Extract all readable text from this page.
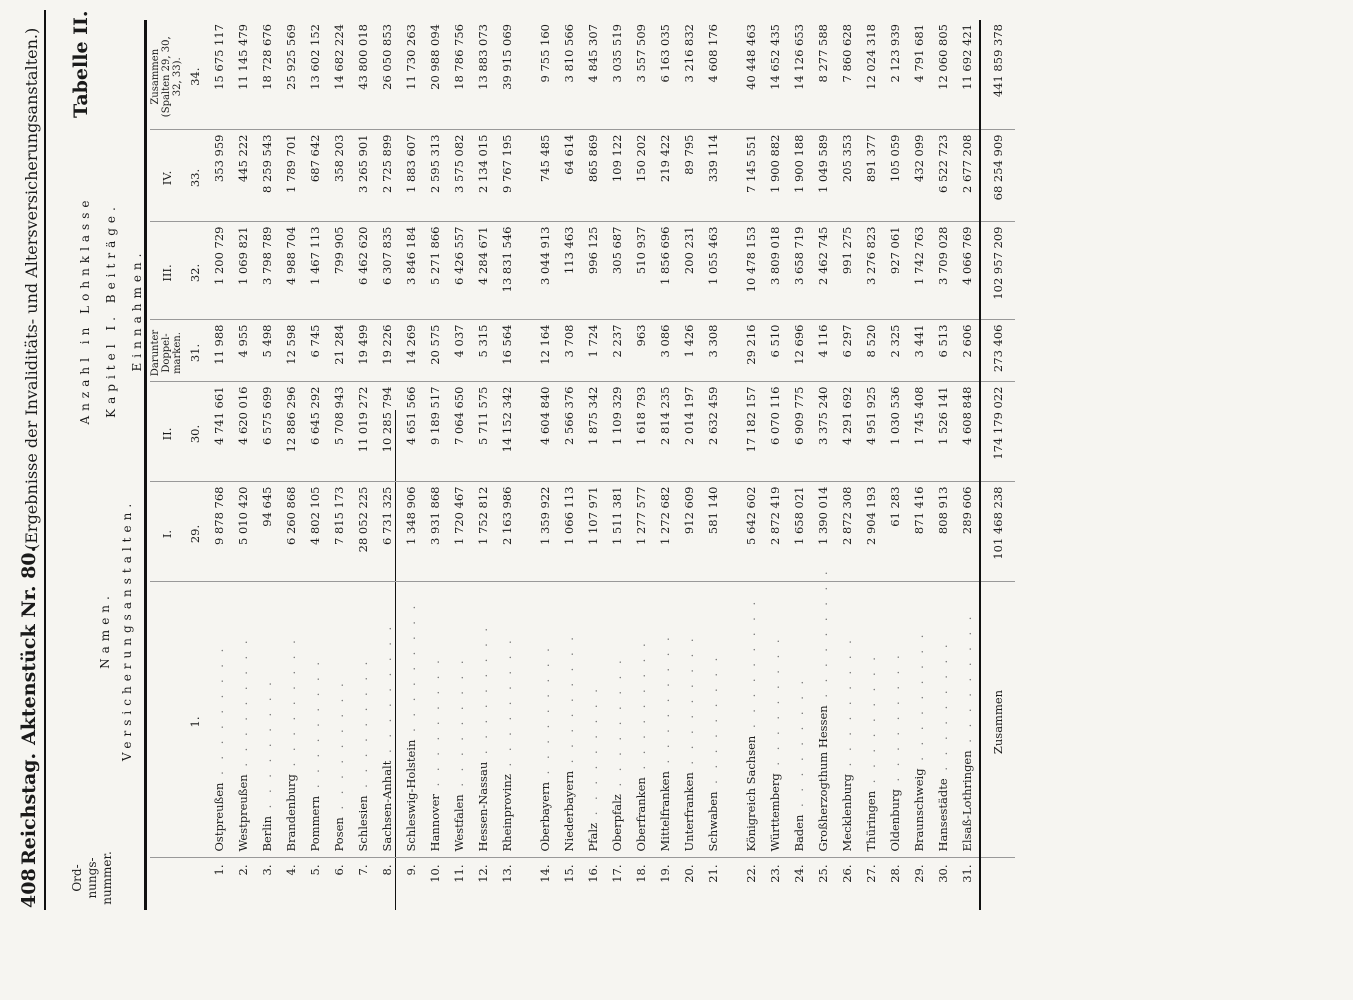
408
Reichstag.
Aktenstück Nr. 80.
(Ergebnisse der Invaliditäts- und Altersversicherungsanstalten.) Tabelle II.
Ord-
nungs-
nummer.
Versicherungsanstalten.
Namen.
Einnahmen.
Kapitel I. Beiträge.
Anzahl in Lohnklasse
		I.	II.	Darunter
Doppel-
marken.	III.	IV.	Zusammen
(Spalten 29, 30,
32, 33).
	1.	29.	30.	31.	32.	33.	34.
1.	Ostpreußen . . . . . . . . .	9 878 768	4 741 661	11 988	1 200 729	353 959	15 675 117
2.	Westpreußen . . . . . . . . .	5 010 420	4 620 016	4 955	1 069 821	445 222	11 145 479
3.	Berlin . . . . . . . . .	94 645	6 575 699	5 498	3 798 789	8 259 543	18 728 676
4.	Brandenburg . . . . . . . . .	6 260 868	12 886 296	12 598	4 988 704	1 789 701	25 925 569
5.	Pommern . . . . . . . . .	4 802 105	6 645 292	6 745	1 467 113	687 642	13 602 152
6.	Posen . . . . . . . . .	7 815 173	5 708 943	21 284	799 905	358 203	14 682 224
7.	Schlesien . . . . . . . . .	28 052 225	11 019 272	19 499	6 462 620	3 265 901	43 800 018
8.	Sachsen-Anhalt . . . . . . . . .	6 731 325	10 285 794	19 226	6 307 835	2 725 899	26 050 853
9.	Schleswig-Holstein . . . . . . . . .	1 348 906	4 651 566	14 269	3 846 184	1 883 607	11 730 263
10.	Hannover . . . . . . . . .	3 931 868	9 189 517	20 575	5 271 866	2 595 313	20 988 094
11.	Westfalen . . . . . . . . .	1 720 467	7 064 650	4 037	6 426 557	3 575 082	18 786 756
12.	Hessen-Nassau . . . . . . . . .	1 752 812	5 711 575	5 315	4 284 671	2 134 015	13 883 073
13.	Rheinprovinz . . . . . . . . .	2 163 986	14 152 342	16 564	13 831 546	9 767 195	39 915 069

14.	Oberbayern . . . . . . . . .	1 359 922	4 604 840	12 164	3 044 913	745 485	9 755 160
15.	Niederbayern . . . . . . . . .	1 066 113	2 566 376	3 708	113 463	64 614	3 810 566
16.	Pfalz . . . . . . . . .	1 107 971	1 875 342	1 724	996 125	865 869	4 845 307
17.	Oberpfalz . . . . . . . . .	1 511 381	1 109 329	2 237	305 687	109 122	3 035 519
18.	Oberfranken . . . . . . . . .	1 277 577	1 618 793	963	510 937	150 202	3 557 509
19.	Mittelfranken . . . . . . . . .	1 272 682	2 814 235	3 086	1 856 696	219 422	6 163 035
20.	Unterfranken . . . . . . . . .	912 609	2 014 197	1 426	200 231	89 795	3 216 832
21.	Schwaben . . . . . . . . .	581 140	2 632 459	3 308	1 055 463	339 114	4 608 176

22.	Königreich Sachsen . . . . . . . . .	5 642 602	17 182 157	29 216	10 478 153	7 145 551	40 448 463
23.	Württemberg . . . . . . . . .	2 872 419	6 070 116	6 510	3 809 018	1 900 882	14 652 435
24.	Baden . . . . . . . . .	1 658 021	6 909 775	12 696	3 658 719	1 900 188	14 126 653
25.	Großherzogthum Hessen . . . . . . . . .	1 390 014	3 375 240	4 116	2 462 745	1 049 589	8 277 588
26.	Mecklenburg . . . . . . . . .	2 872 308	4 291 692	6 297	991 275	205 353	7 860 628
27.	Thüringen . . . . . . . . .	2 904 193	4 951 925	8 520	3 276 823	891 377	12 024 318
28.	Oldenburg . . . . . . . . .	61 283	1 030 536	2 325	927 061	105 059	2 123 939
29.	Braunschweig . . . . . . . . .	871 416	1 745 408	3 441	1 742 763	432 099	4 791 681
30.	Hansestädte . . . . . . . . .	808 913	1 526 141	6 513	3 709 028	6 522 723	12 060 805
31.	Elsaß-Lothringen . . . . . . . . .	289 606	4 608 848	2 606	4 066 769	2 677 208	11 692 421
	Zusammen	101 468 238	174 179 022	273 406	102 957 209	68 254 909	441 859 378
